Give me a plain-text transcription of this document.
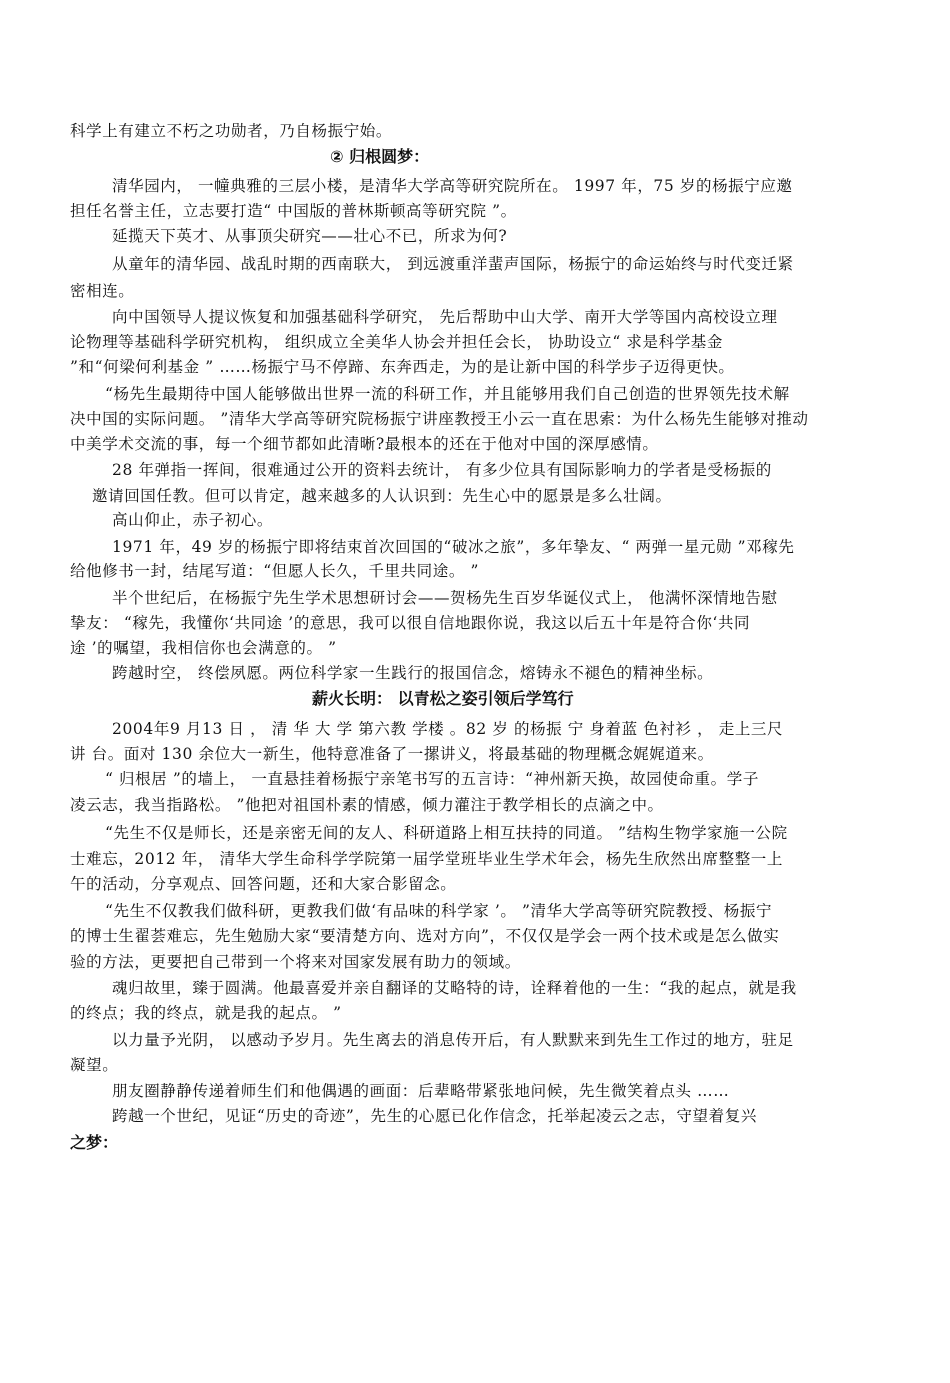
科学上有建立不朽之功勋者，乃自杨振宁始。
② 归根圆梦：
清华园内， 一幢典雅的三层小楼，是清华大学高等研究院所在。 1997 年，75 岁的杨振宁应邀
担任名誉主任，立志要打造“ 中国版的普林斯顿高等研究院 ”。
延揽天下英才、从事顶尖研究——壮心不已，所求为何?
从童年的清华园、战乱时期的西南联大， 到远渡重洋蜚声国际，杨振宁的命运始终与时代变迁紧
密相连。
向中国领导人提议恢复和加强基础科学研究， 先后帮助中山大学、南开大学等国内高校设立理
论物理等基础科学研究机构， 组织成立全美华人协会并担任会长， 协助设立“ 求是科学基金
”和“何梁何利基金 ” ……杨振宁马不停蹄、东奔西走，为的是让新中国的科学步子迈得更快。
“杨先生最期待中国人能够做出世界一流的科研工作，并且能够用我们自己创造的世界领先技术解
决中国的实际问题。 ”清华大学高等研究院杨振宁讲座教授王小云一直在思索：为什么杨先生能够对推动
中美学术交流的事，每一个细节都如此清晰?最根本的还在于他对中国的深厚感情。
28 年弹指一挥间，很难通过公开的资料去统计， 有多少位具有国际影响力的学者是受杨振的
邀请回国任教。但可以肯定，越来越多的人认识到：先生心中的愿景是多么壮阔。
高山仰止，赤子初心。
1971 年，49 岁的杨振宁即将结束首次回国的“破冰之旅”，多年挚友、“ 两弹一星元勋 ”邓稼先
给他修书一封，结尾写道：“但愿人长久，千里共同途。 ”
半个世纪后，在杨振宁先生学术思想研讨会——贺杨先生百岁华诞仪式上， 他满怀深情地告慰
挚友： “稼先，我懂你‘共同途 ’的意思，我可以很自信地跟你说，我这以后五十年是符合你‘共同
途 ’的嘱望，我相信你也会满意的。 ”
跨越时空， 终偿夙愿。两位科学家一生践行的报国信念，熔铸永不褪色的精神坐标。
薪火长明： 以青松之姿引领后学笃行
2004年9 月13 日 ， 清 华 大 学 第六教 学楼 。82 岁 的杨振 宁 身着蓝 色衬衫 ， 走上三尺
讲 台。面对 130 余位大一新生，他特意准备了一摞讲义，将最基础的物理概念娓娓道来。
“ 归根居 ”的墙上， 一直悬挂着杨振宁亲笔书写的五言诗：“神州新天换，故园使命重。学子
凌云志，我当指路松。 ”他把对祖国朴素的情感，倾力灌注于教学相长的点滴之中。
“先生不仅是师长，还是亲密无间的友人、科研道路上相互扶持的同道。 ”结构生物学家施一公院
士难忘，2012 年， 清华大学生命科学学院第一届学堂班毕业生学术年会，杨先生欣然出席整整一上
午的活动，分享观点、回答问题，还和大家合影留念。
“先生不仅教我们做科研，更教我们做‘有品味的科学家 ’。 ”清华大学高等研究院教授、杨振宁
的博士生翟荟难忘，先生勉励大家“要清楚方向、选对方向”，不仅仅是学会一两个技术或是怎么做实
验的方法，更要把自己带到一个将来对国家发展有助力的领域。
魂归故里，臻于圆满。他最喜爱并亲自翻译的艾略特的诗，诠释着他的一生：“我的起点，就是我
的终点；我的终点，就是我的起点。 ”
以力量予光阴， 以感动予岁月。先生离去的消息传开后，有人默默来到先生工作过的地方，驻足
凝望。
朋友圈静静传递着师生们和他偶遇的画面：后辈略带紧张地问候，先生微笑着点头 ……
跨越一个世纪，见证“历史的奇迹”，先生的心愿已化作信念，托举起凌云之志，守望着复兴
之梦：
